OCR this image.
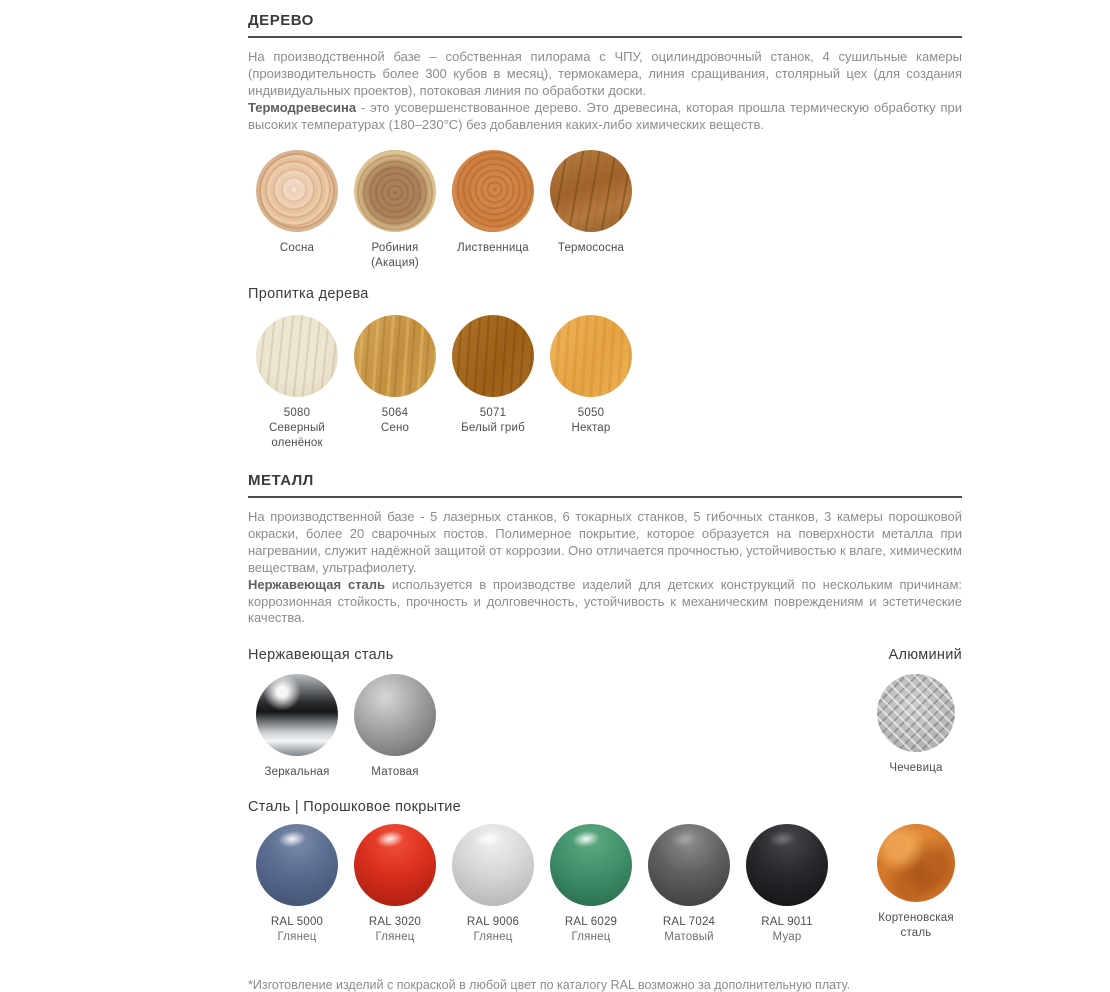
ДЕРЕВО

На производственной базе – собственная пилорама с ЧПУ, оцилиндровочный станок, 4 сушильные камеры (производительность более 300 кубов в месяц), термокамера, линия сращивания, столярный цех (для создания индивидуальных проектов), потоковая линия по обработки доски.

Термодревесина - это усовершенствованное дерево. Это древесина, которая прошла термическую обработку при высоких температурах (180–230°С) без добавления каких-либо химических веществ.

Сосна	Робиния (Акация)
Лиственница	Термососна
Пропитка дерева
5080
Северный оленёнок
5064
Сено
5071
Белый гриб
5050
Нектар
МЕТАЛЛ

На производственной базе - 5 лазерных станков, 6 токарных станков, 5 гибочных станков, 3 камеры порошковой окраски, более 20 сварочных постов. Полимерное покрытие, которое образуется на поверхности металла при нагревании, служит надёжной защитой от коррозии. Оно отличается прочностью, устойчивостью к влаге, химическим веществам, ультрафиолету.

Нержавеющая сталь используется в производстве изделий для детских конструкций по нескольким причинам: коррозионная стойкость, прочность и долговечность, устойчивость к механическим повреждениям и эстетические качества.

Нержавеющая сталь	Алюминий
Зеркальная	Матовая	Чечевица
Сталь | Порошковое покрытие
RAL 5000
Глянец
RAL 3020
Глянец
RAL 9006
Глянец
RAL 6029
Глянец
RAL 7024
Матовый
RAL 9011
Муар
Кортеновская сталь

*Изготовление изделий с покраской в любой цвет по каталогу RAL возможно за дополнительную плату.
